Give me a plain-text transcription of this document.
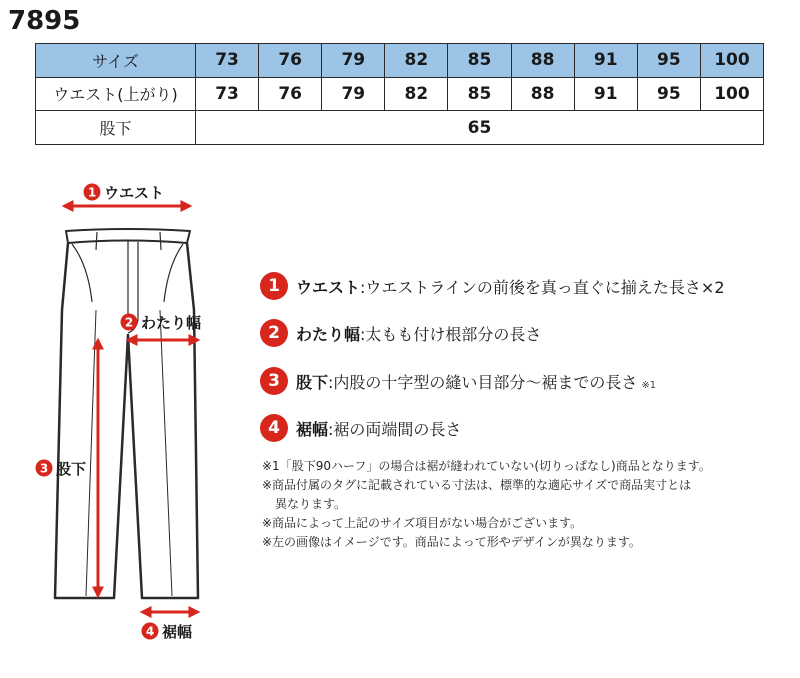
7895
サイズ	73	76	79	82	85	88	91	95	100
ウエスト(上がり)	73	76	79	82	85	88	91	95	100
股下	65								
1 ウエスト
2 わたり幅
3 股下
4 裾幅
1	ウエスト:ウエストラインの前後を真っ直ぐに揃えた長さ×2
2	わたり幅:太もも付け根部分の長さ
3	股下:内股の十字型の縫い目部分〜裾までの長さ ※1
4	裾幅:裾の両端間の長さ
※1「股下90ハーフ」の場合は裾が縫われていない(切りっぱなし)商品となります。
※商品付属のタグに記載されている寸法は、標準的な適応サイズで商品実寸とは
異なります。
※商品によって上記のサイズ項目がない場合がございます。
※左の画像はイメージです。商品によって形やデザインが異なります。
